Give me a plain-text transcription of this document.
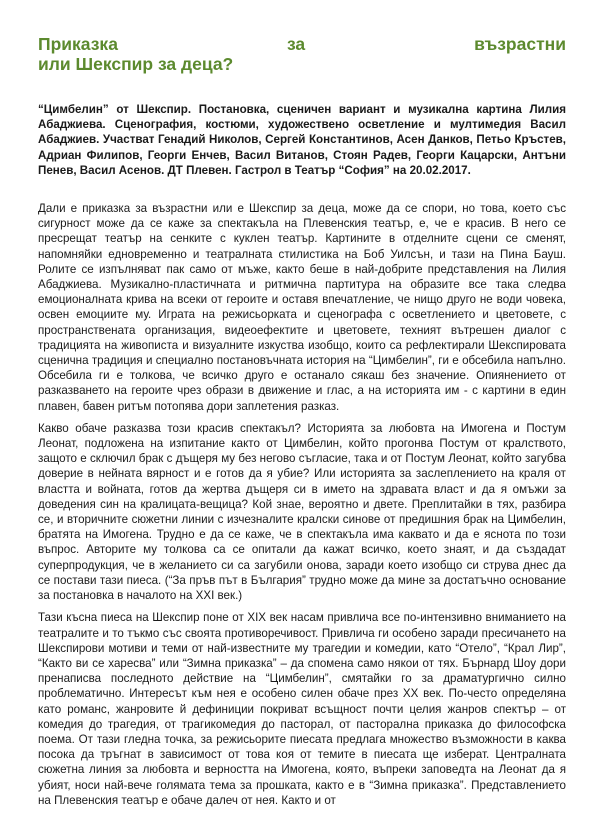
Приказка	за	възрастни
или Шекспир за деца?

“Цимбелин” от Шекспир. Постановка, сценичен вариант и музикална картина Лилия Абаджиева. Сценография, костюми, художествено осветление и мултимедия Васил Абаджиев. Участват Генадий Николов, Сергей Константинов, Асен Данков, Петьо Кръстев, Адриан Филипов, Георги Енчев, Васил Витанов, Стоян Радев, Георги Кацарски, Антъни Пенев, Васил Асенов. ДТ Плевен. Гастрол в Театър “София” на 20.02.2017.

Дали е приказка за възрастни или е Шекспир за деца, може да се спори, но това, което със сигурност може да се каже за спектакъла на Плевенския театър, е, че е красив. В него се пресрещат театър на сенките с куклен театър. Картините в отделните сцени се сменят, напомняйки едновременно и театралната стилистика на Боб Уилсън, и тази на Пина Бауш. Ролите се изпълняват пак само от мъже, както беше в най-добрите представления на Лилия Абаджиева. Музикално-пластичната и ритмична партитура на образите все така следва емоционалната крива на всеки от героите и оставя впечатление, че нищо друго не води човека, освен емоциите му. Играта на режисьорката и сценографа с осветлението и цветовете, с пространствената организация, видеоефектите и цветовете, техният вътрешен диалог с традицията на живописта и визуалните изкуства изобщо, които са рефлектирали Шекспировата сценична традиция и специално постановъчната история на “Цимбелин”, ги е обсебила напълно. Обсебила ги е толкова, че всичко друго е останало сякаш без значение. Опиянението от разказването на героите чрез образи в движение и глас, а на историята им - с картини в един плавен, бавен ритъм потопява дори заплетения разказ.

Какво обаче разказва този красив спектакъл? Историята за любовта на Имогена и Постум Леонат, подложена на изпитание както от Цимбелин, който прогонва Постум от кралството, защото е сключил брак с дъщеря му без негово съгласие, така и от Постум Леонат, който загубва доверие в нейната вярност и е готов да я убие? Или историята за заслеплението на краля от властта и войната, готов да жертва дъщеря си в името на здравата власт и да я омъжи за доведения син на кралицата-вещица? Кой знае, вероятно и двете. Преплитайки в тях, разбира се, и вторичните сюжетни линии с изчезналите кралски синове от предишния брак на Цимбелин, братята на Имогена. Трудно е да се каже, че в спектакъла има каквато и да е яснота по този въпрос. Авторите му толкова са се опитали да кажат всичко, което знаят, и да създадат суперпродукция, че в желанието си са загубили онова, заради което изобщо си струва днес да се постави тази пиеса. (“За пръв път в България” трудно може да мине за достатъчно основание за постановка в началото на XXI век.)

Тази късна пиеса на Шекспир поне от XIX век насам привлича все по-интензивно вниманието на театралите и то тъкмо със своята противоречивост. Привлича ги особено заради пресичането на Шекспирови мотиви и теми от най-известните му трагедии и комедии, като “Отело”, “Крал Лир”, “Както ви се харесва” или “Зимна приказка” – да спомена само някои от тях. Бърнард Шоу дори пренаписва последното действие на “Цимбелин”, смятайки го за драматургично силно проблематично. Интересът към нея е особено силен обаче през XX век. По-често определяна като романс, жанровите й дефиниции покриват всъщност почти целия жанров спектър – от комедия до трагедия, от трагикомедия до пасторал, от пасторална приказка до философска поема. От тази гледна точка, за режисьорите пиесата предлага множество възможности в каква посока да тръгнат в зависимост от това коя от темите в пиесата ще изберат. Централната сюжетна линия за любовта и верността на Имогена, която, въпреки заповедта на Леонат да я убият, носи най-вече голямата тема за прошката, както е в “Зимна приказка”. Представлението на Плевенския театър е обаче далеч от нея. Както и от
